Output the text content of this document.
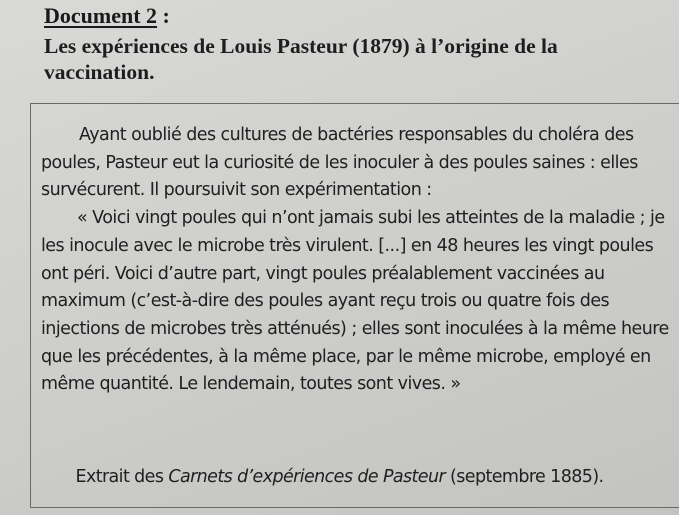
Document 2 :
Les expériences de Louis Pasteur (1879) à l’origine de la vaccination.

Ayant oublié des cultures de bactéries responsables du choléra des poules, Pasteur eut la curiosité de les inoculer à des poules saines : elles survécurent. Il poursuivit son expérimentation :

« Voici vingt poules qui n’ont jamais subi les atteintes de la maladie ; je les inocule avec le microbe très virulent. [...] en 48 heures les vingt poules ont péri. Voici d’autre part, vingt poules préalablement vaccinées au maximum (c’est-à-dire des poules ayant reçu trois ou quatre fois des injections de microbes très atténués) ; elles sont inoculées à la même heure que les précédentes, à la même place, par le même microbe, employé en même quantité. Le lendemain, toutes sont vives. »

Extrait des Carnets d’expériences de Pasteur (septembre 1885).
